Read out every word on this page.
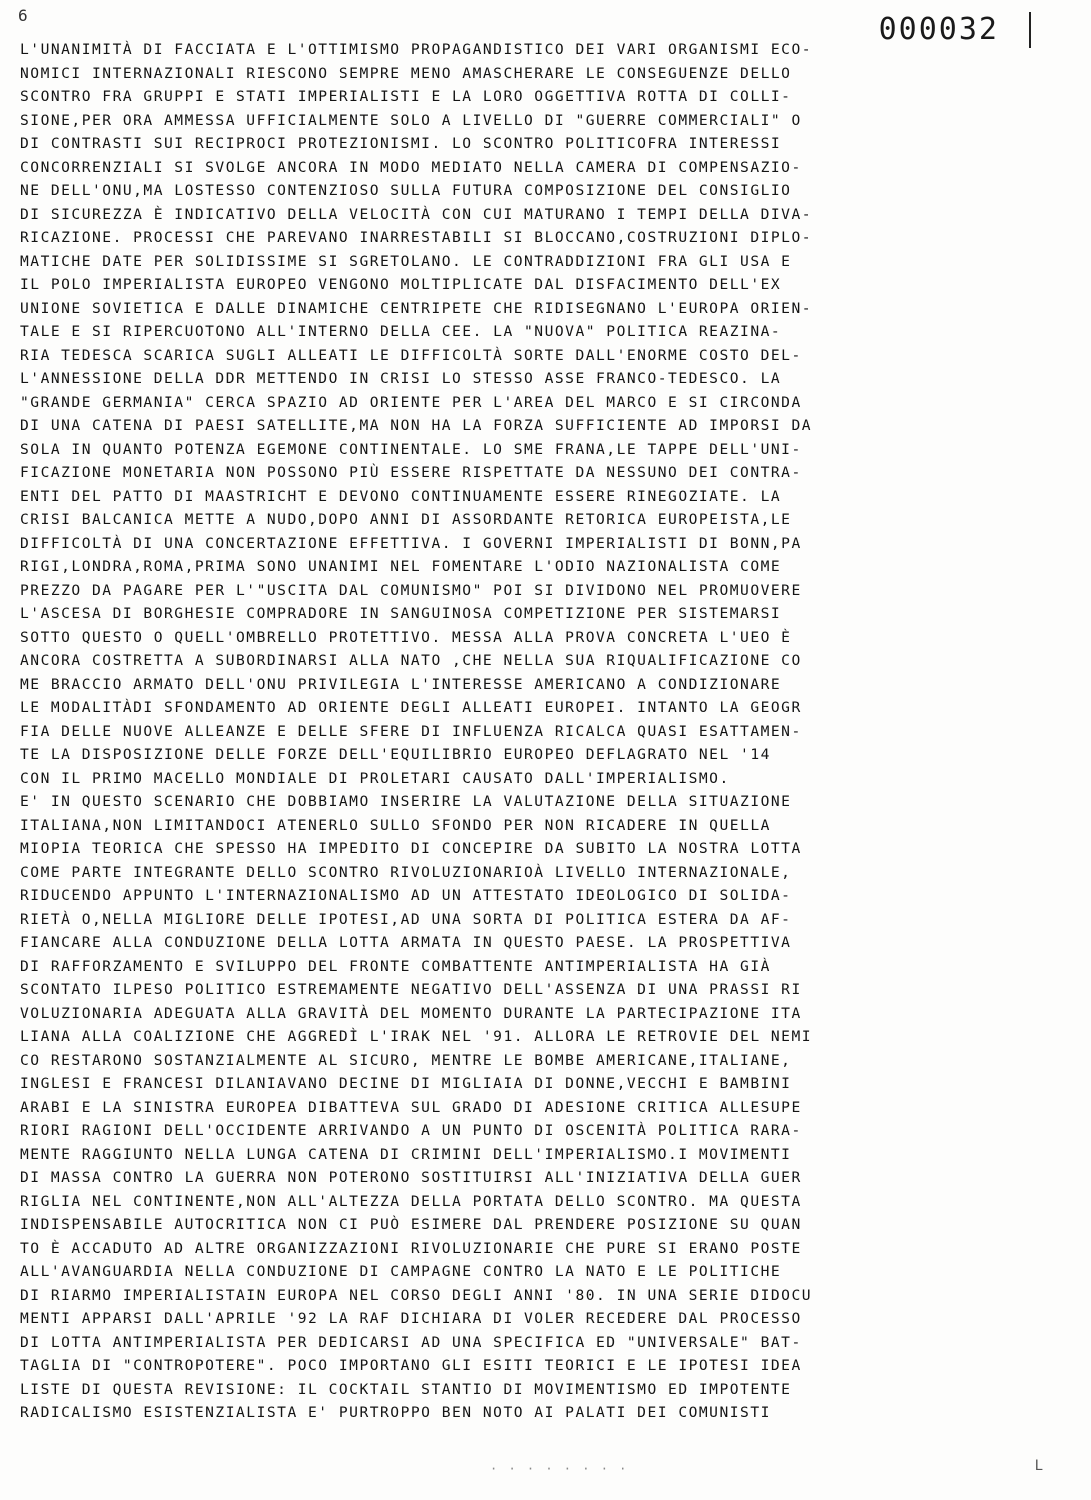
6	000032
L'UNANIMITÀ DI FACCIATA E L'OTTIMISMO PROPAGANDISTICO DEI VARI ORGANISMI ECO-
NOMICI INTERNAZIONALI RIESCONO SEMPRE MENO AMASCHERARE LE CONSEGUENZE DELLO
SCONTRO FRA GRUPPI E STATI IMPERIALISTI E LA LORO OGGETTIVA ROTTA DI COLLI-
SIONE,PER ORA AMMESSA UFFICIALMENTE SOLO A LIVELLO DI "GUERRE COMMERCIALI" O
DI CONTRASTI SUI RECIPROCI PROTEZIONISMI. LO SCONTRO POLITICOFRA INTERESSI
CONCORRENZIALI SI SVOLGE ANCORA IN MODO MEDIATO NELLA CAMERA DI COMPENSAZIO-
NE DELL'ONU,MA LOSTESSO CONTENZIOSO SULLA FUTURA COMPOSIZIONE DEL CONSIGLIO
DI SICUREZZA È INDICATIVO DELLA VELOCITÀ CON CUI MATURANO I TEMPI DELLA DIVA-
RICAZIONE. PROCESSI CHE PAREVANO INARRESTABILI SI BLOCCANO,COSTRUZIONI DIPLO-
MATICHE DATE PER SOLIDISSIME SI SGRETOLANO. LE CONTRADDIZIONI FRA GLI USA E
IL POLO IMPERIALISTA EUROPEO VENGONO MOLTIPLICATE DAL DISFACIMENTO DELL'EX
UNIONE SOVIETICA E DALLE DINAMICHE CENTRIPETE CHE RIDISEGNANO L'EUROPA ORIEN-
TALE E SI RIPERCUOTONO ALL'INTERNO DELLA CEE. LA "NUOVA" POLITICA REAZINA-
RIA TEDESCA SCARICA SUGLI ALLEATI LE DIFFICOLTÀ SORTE DALL'ENORME COSTO DEL-
L'ANNESSIONE DELLA DDR METTENDO IN CRISI LO STESSO ASSE FRANCO-TEDESCO. LA
"GRANDE GERMANIA" CERCA SPAZIO AD ORIENTE PER L'AREA DEL MARCO E SI CIRCONDA
DI UNA CATENA DI PAESI SATELLITE,MA NON HA LA FORZA SUFFICIENTE AD IMPORSI DA
SOLA IN QUANTO POTENZA EGEMONE CONTINENTALE. LO SME FRANA,LE TAPPE DELL'UNI-
FICAZIONE MONETARIA NON POSSONO PIÙ ESSERE RISPETTATE DA NESSUNO DEI CONTRA-
ENTI DEL PATTO DI MAASTRICHT E DEVONO CONTINUAMENTE ESSERE RINEGOZIATE. LA
CRISI BALCANICA METTE A NUDO,DOPO ANNI DI ASSORDANTE RETORICA EUROPEISTA,LE
DIFFICOLTÀ DI UNA CONCERTAZIONE EFFETTIVA. I GOVERNI IMPERIALISTI DI BONN,PA
RIGI,LONDRA,ROMA,PRIMA SONO UNANIMI NEL FOMENTARE L'ODIO NAZIONALISTA COME
PREZZO DA PAGARE PER L'"USCITA DAL COMUNISMO" POI SI DIVIDONO NEL PROMUOVERE
L'ASCESA DI BORGHESIE COMPRADORE IN SANGUINOSA COMPETIZIONE PER SISTEMARSI
SOTTO QUESTO O QUELL'OMBRELLO PROTETTIVO. MESSA ALLA PROVA CONCRETA L'UEO È
ANCORA COSTRETTA A SUBORDINARSI ALLA NATO ,CHE NELLA SUA RIQUALIFICAZIONE CO
ME BRACCIO ARMATO DELL'ONU PRIVILEGIA L'INTERESSE AMERICANO A CONDIZIONARE
LE MODALITÀDI SFONDAMENTO AD ORIENTE DEGLI ALLEATI EUROPEI. INTANTO LA GEOGR
FIA DELLE NUOVE ALLEANZE E DELLE SFERE DI INFLUENZA RICALCA QUASI ESATTAMEN-
TE LA DISPOSIZIONE DELLE FORZE DELL'EQUILIBRIO EUROPEO DEFLAGRATO NEL '14
CON IL PRIMO MACELLO MONDIALE DI PROLETARI CAUSATO DALL'IMPERIALISMO.
E' IN QUESTO SCENARIO CHE DOBBIAMO INSERIRE LA VALUTAZIONE DELLA SITUAZIONE
ITALIANA,NON LIMITANDOCI ATENERLO SULLO SFONDO PER NON RICADERE IN QUELLA
MIOPIA TEORICA CHE SPESSO HA IMPEDITO DI CONCEPIRE DA SUBITO LA NOSTRA LOTTA
COME PARTE INTEGRANTE DELLO SCONTRO RIVOLUZIONARIOÀ LIVELLO INTERNAZIONALE,
RIDUCENDO APPUNTO L'INTERNAZIONALISMO AD UN ATTESTATO IDEOLOGICO DI SOLIDA-
RIETÀ O,NELLA MIGLIORE DELLE IPOTESI,AD UNA SORTA DI POLITICA ESTERA DA AF-
FIANCARE ALLA CONDUZIONE DELLA LOTTA ARMATA IN QUESTO PAESE. LA PROSPETTIVA
DI RAFFORZAMENTO E SVILUPPO DEL FRONTE COMBATTENTE ANTIMPERIALISTA HA GIÀ
SCONTATO ILPESO POLITICO ESTREMAMENTE NEGATIVO DELL'ASSENZA DI UNA PRASSI RI
VOLUZIONARIA ADEGUATA ALLA GRAVITÀ DEL MOMENTO DURANTE LA PARTECIPAZIONE ITA
LIANA ALLA COALIZIONE CHE AGGREDÌ L'IRAK NEL '91. ALLORA LE RETROVIE DEL NEMI
CO RESTARONO SOSTANZIALMENTE AL SICURO, MENTRE LE BOMBE AMERICANE,ITALIANE,
INGLESI E FRANCESI DILANIAVANO DECINE DI MIGLIAIA DI DONNE,VECCHI E BAMBINI
ARABI E LA SINISTRA EUROPEA DIBATTEVA SUL GRADO DI ADESIONE CRITICA ALLESUPE
RIORI RAGIONI DELL'OCCIDENTE ARRIVANDO A UN PUNTO DI OSCENITÀ POLITICA RARA-
MENTE RAGGIUNTO NELLA LUNGA CATENA DI CRIMINI DELL'IMPERIALISMO.I MOVIMENTI
DI MASSA CONTRO LA GUERRA NON POTERONO SOSTITUIRSI ALL'INIZIATIVA DELLA GUER
RIGLIA NEL CONTINENTE,NON ALL'ALTEZZA DELLA PORTATA DELLO SCONTRO. MA QUESTA
INDISPENSABILE AUTOCRITICA NON CI PUÒ ESIMERE DAL PRENDERE POSIZIONE SU QUAN
TO È ACCADUTO AD ALTRE ORGANIZZAZIONI RIVOLUZIONARIE CHE PURE SI ERANO POSTE
ALL'AVANGUARDIA NELLA CONDUZIONE DI CAMPAGNE CONTRO LA NATO E LE POLITICHE
DI RIARMO IMPERIALISTAIN EUROPA NEL CORSO DEGLI ANNI '80. IN UNA SERIE DIDOCU
MENTI APPARSI DALL'APRILE '92 LA RAF DICHIARA DI VOLER RECEDERE DAL PROCESSO
DI LOTTA ANTIMPERIALISTA PER DEDICARSI AD UNA SPECIFICA ED "UNIVERSALE" BAT-
TAGLIA DI "CONTROPOTERE". POCO IMPORTANO GLI ESITI TEORICI E LE IPOTESI IDEA
LISTE DI QUESTA REVISIONE: IL COCKTAIL STANTIO DI MOVIMENTISMO ED IMPOTENTE
RADICALISMO ESISTENZIALISTA E' PURTROPPO BEN NOTO AI PALATI DEI COMUNISTI
· · · · · · · ·	L
